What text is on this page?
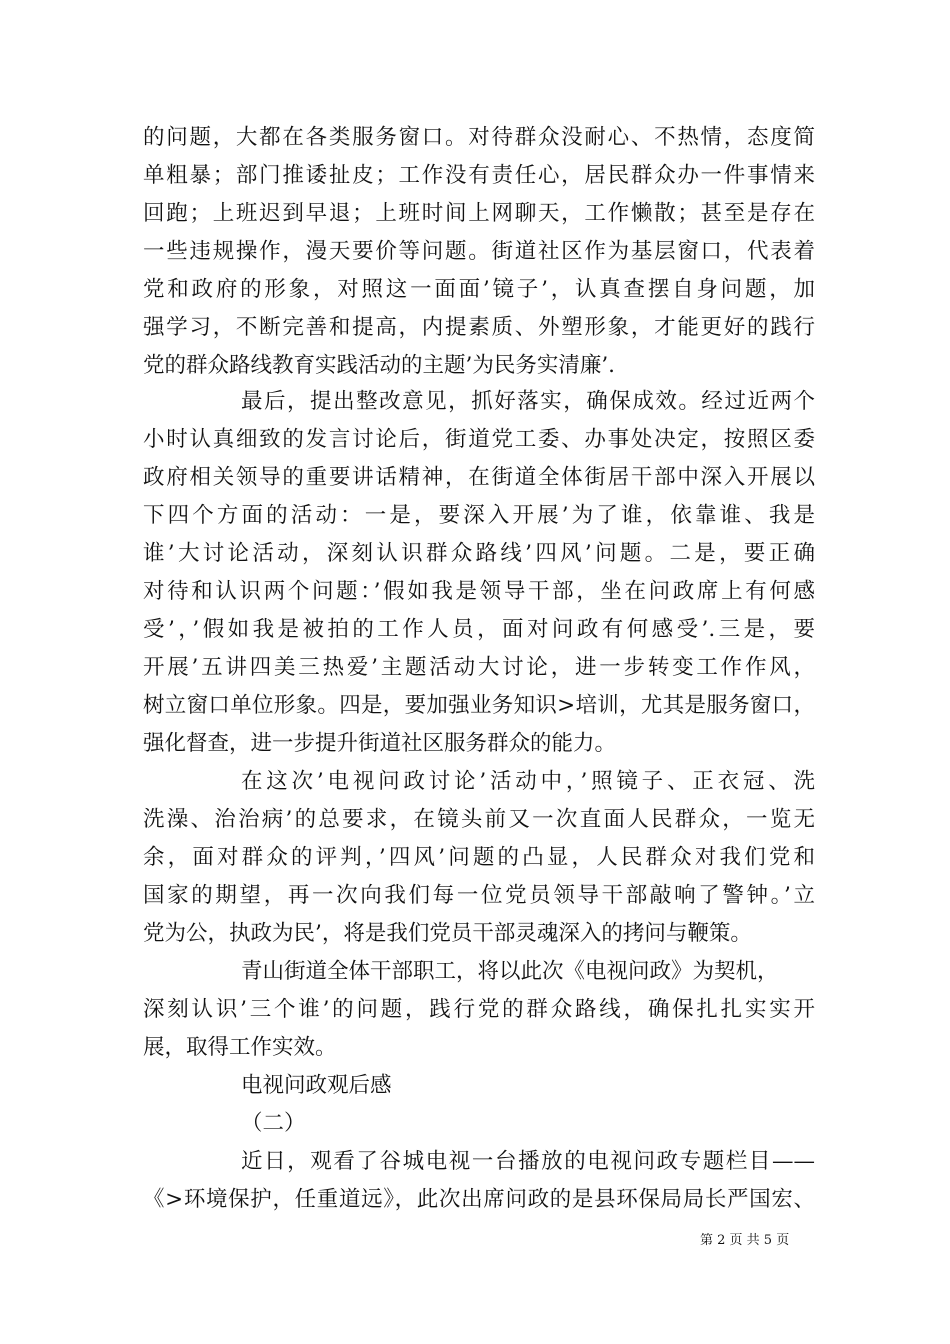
的问题，大都在各类服务窗口。对待群众没耐心、不热情，态度简
单粗暴；部门推诿扯皮；工作没有责任心，居民群众办一件事情来
回跑；上班迟到早退；上班时间上网聊天，工作懒散；甚至是存在
一些违规操作，漫天要价等问题。街道社区作为基层窗口，代表着
党和政府的形象，对照这一面面’镜子’，认真查摆自身问题，加
强学习，不断完善和提高，内提素质、外塑形象，才能更好的践行
党的群众路线教育实践活动的主题’为民务实清廉’.
最后，提出整改意见，抓好落实，确保成效。经过近两个
小时认真细致的发言讨论后，街道党工委、办事处决定，按照区委
政府相关领导的重要讲话精神，在街道全体街居干部中深入开展以
下四个方面的活动：一是，要深入开展’为了谁，依靠谁、我是
谁’大讨论活动，深刻认识群众路线’四风’问题。二是，要正确
对待和认识两个问题：’假如我是领导干部，坐在问政席上有何感
受’，’假如我是被拍的工作人员，面对问政有何感受’.三是，要
开展’五讲四美三热爱’主题活动大讨论，进一步转变工作作风，
树立窗口单位形象。四是，要加强业务知识>培训，尤其是服务窗口，
强化督查，进一步提升街道社区服务群众的能力。
在这次’电视问政讨论’活动中，’照镜子、正衣冠、洗
洗澡、治治病’的总要求，在镜头前又一次直面人民群众，一览无
余，面对群众的评判，’四风’问题的凸显，人民群众对我们党和
国家的期望，再一次向我们每一位党员领导干部敲响了警钟。’立
党为公，执政为民’，将是我们党员干部灵魂深入的拷问与鞭策。
青山街道全体干部职工，将以此次《电视问政》为契机，
深刻认识’三个谁’的问题，践行党的群众路线，确保扎扎实实开
展，取得工作实效。
电视问政观后感
（二）
近日，观看了谷城电视一台播放的电视问政专题栏目——
《>环境保护，任重道远》，此次出席问政的是县环保局局长严国宏、
第 2 页 共 5 页
